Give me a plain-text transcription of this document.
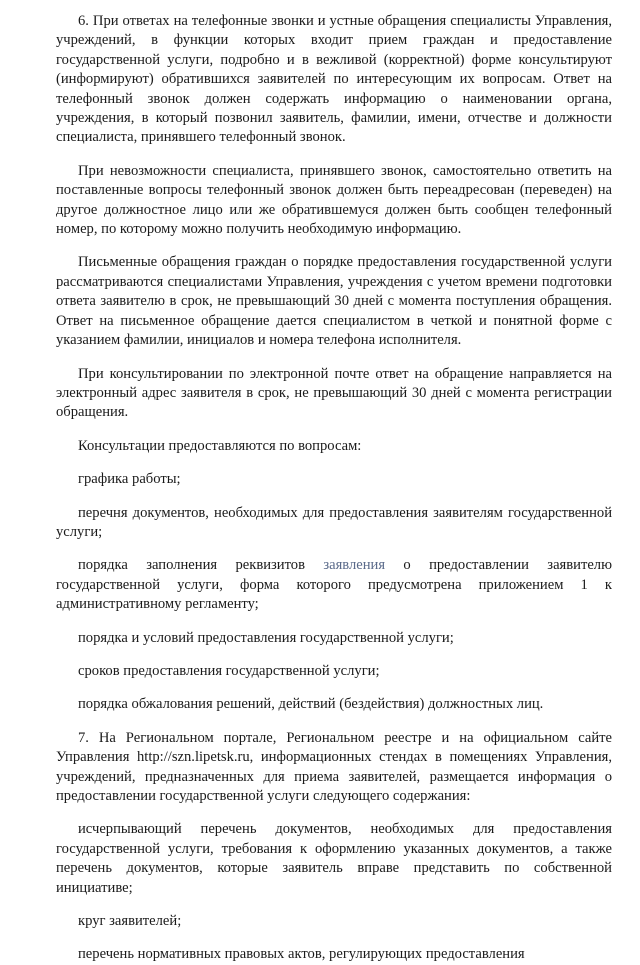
6. При ответах на телефонные звонки и устные обращения специалисты Управления, учреждений, в функции которых входит прием граждан и предоставление государственной услуги, подробно и в вежливой (корректной) форме консультируют (информируют) обратившихся заявителей по интересующим их вопросам. Ответ на телефонный звонок должен содержать информацию о наименовании органа, учреждения, в который позвонил заявитель, фамилии, имени, отчестве и должности специалиста, принявшего телефонный звонок.

При невозможности специалиста, принявшего звонок, самостоятельно ответить на поставленные вопросы телефонный звонок должен быть переадресован (переведен) на другое должностное лицо или же обратившемуся должен быть сообщен телефонный номер, по которому можно получить необходимую информацию.

Письменные обращения граждан о порядке предоставления государственной услуги рассматриваются специалистами Управления, учреждения с учетом времени подготовки ответа заявителю в срок, не превышающий 30 дней с момента поступления обращения. Ответ на письменное обращение дается специалистом в четкой и понятной форме с указанием фамилии, инициалов и номера телефона исполнителя.

При консультировании по электронной почте ответ на обращение направляется на электронный адрес заявителя в срок, не превышающий 30 дней с момента регистрации обращения.

Консультации предоставляются по вопросам:

графика работы;

перечня документов, необходимых для предоставления заявителям государственной услуги;

порядка заполнения реквизитов заявления о предоставлении заявителю государственной услуги, форма которого предусмотрена приложением 1 к административному регламенту;

порядка и условий предоставления государственной услуги;

сроков предоставления государственной услуги;

порядка обжалования решений, действий (бездействия) должностных лиц.

7. На Региональном портале, Региональном реестре и на официальном сайте Управления http://szn.lipetsk.ru, информационных стендах в помещениях Управления, учреждений, предназначенных для приема заявителей, размещается информация о предоставлении государственной услуги следующего содержания:

исчерпывающий перечень документов, необходимых для предоставления государственной услуги, требования к оформлению указанных документов, а также перечень документов, которые заявитель вправе представить по собственной инициативе;

круг заявителей;

перечень нормативных правовых актов, регулирующих предоставления
